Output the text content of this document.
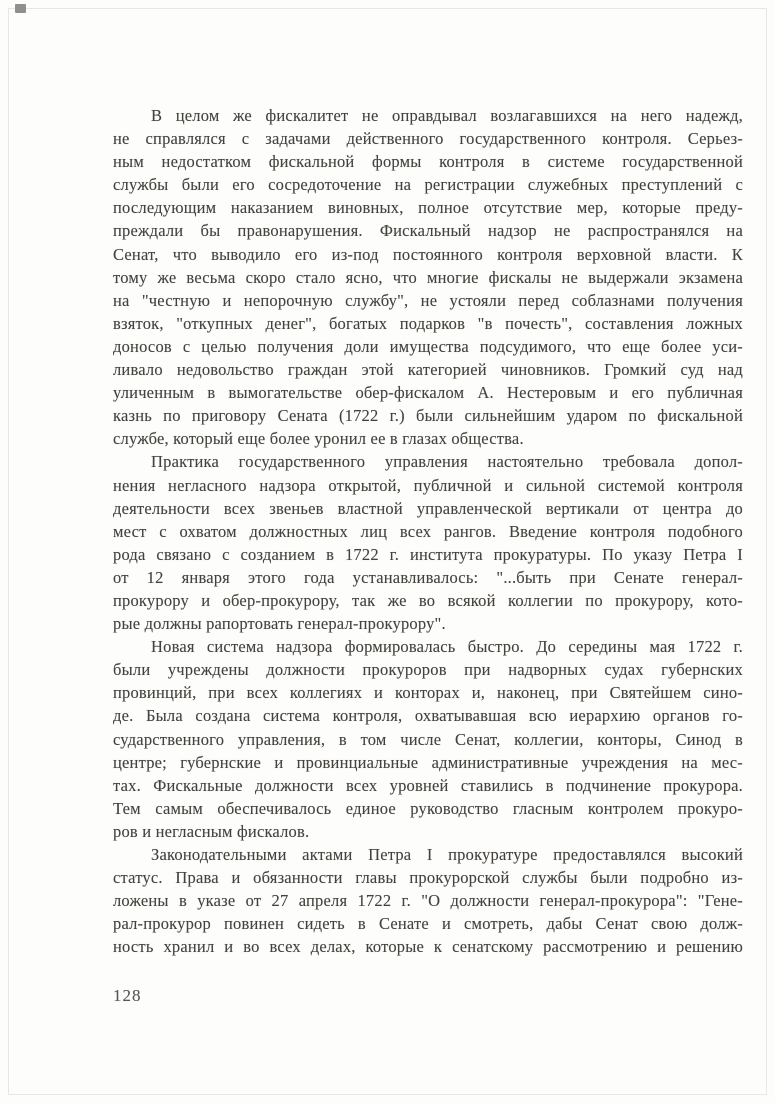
В целом же фискалитет не оправдывал возлагавшихся на него надежд,
не справлялся с задачами действенного государственного контроля. Серьез-
ным недостатком фискальной формы контроля в системе государственной
службы были его сосредоточение на регистрации служебных преступлений с
последующим наказанием виновных, полное отсутствие мер, которые преду-
преждали бы правонарушения. Фискальный надзор не распространялся на
Сенат, что выводило его из-под постоянного контроля верховной власти. К
тому же весьма скоро стало ясно, что многие фискалы не выдержали экзамена
на "честную и непорочную службу", не устояли перед соблазнами получения
взяток, "откупных денег", богатых подарков "в почесть", составления ложных
доносов с целью получения доли имущества подсудимого, что еще более уси-
ливало недовольство граждан этой категорией чиновников. Громкий суд над
уличенным в вымогательстве обер-фискалом А. Нестеровым и его публичная
казнь по приговору Сената (1722 г.) были сильнейшим ударом по фискальной
службе, который еще более уронил ее в глазах общества.
Практика государственного управления настоятельно требовала допол-
нения негласного надзора открытой, публичной и сильной системой контроля
деятельности всех звеньев властной управленческой вертикали от центра до
мест с охватом должностных лиц всех рангов. Введение контроля подобного
рода связано с созданием в 1722 г. института прокуратуры. По указу Петра I
от 12 января этого года устанавливалось: "...быть при Сенате генерал-
прокурору и обер-прокурору, так же во всякой коллегии по прокурору, кото-
рые должны рапортовать генерал-прокурору".
Новая система надзора формировалась быстро. До середины мая 1722 г.
были учреждены должности прокуроров при надворных судах губернских
провинций, при всех коллегиях и конторах и, наконец, при Святейшем сино-
де. Была создана система контроля, охватывавшая всю иерархию органов го-
сударственного управления, в том числе Сенат, коллегии, конторы, Синод в
центре; губернские и провинциальные административные учреждения на мес-
тах. Фискальные должности всех уровней ставились в подчинение прокурора.
Тем самым обеспечивалось единое руководство гласным контролем прокуро-
ров и негласным фискалов.
Законодательными актами Петра I прокуратуре предоставлялся высокий
статус. Права и обязанности главы прокурорской службы были подробно из-
ложены в указе от 27 апреля 1722 г. "О должности генерал-прокурора": "Гене-
рал-прокурор повинен сидеть в Сенате и смотреть, дабы Сенат свою долж-
ность хранил и во всех делах, которые к сенатскому рассмотрению и решению
128
